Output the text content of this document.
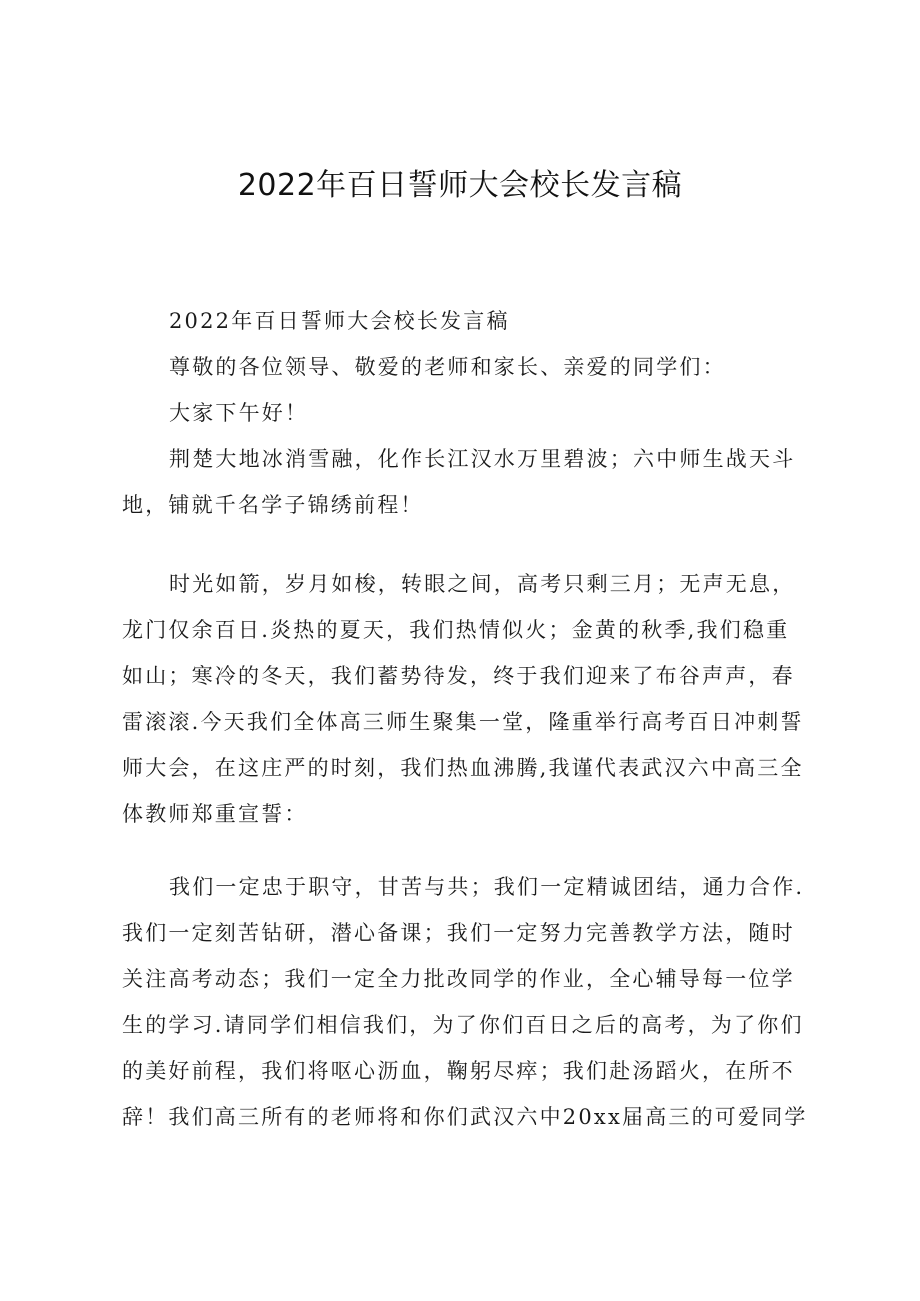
2022年百日誓师大会校长发言稿
2022年百日誓师大会校长发言稿
尊敬的各位领导、敬爱的老师和家长、亲爱的同学们：
大家下午好！
荆楚大地冰消雪融，化作长江汉水万里碧波；六中师生战天斗
地，铺就千名学子锦绣前程！
时光如箭，岁月如梭，转眼之间，高考只剩三月；无声无息，
龙门仅余百日.炎热的夏天，我们热情似火；金黄的秋季,我们稳重
如山；寒冷的冬天，我们蓄势待发，终于我们迎来了布谷声声，春
雷滚滚.今天我们全体高三师生聚集一堂，隆重举行高考百日冲刺誓
师大会，在这庄严的时刻，我们热血沸腾,我谨代表武汉六中高三全
体教师郑重宣誓：
我们一定忠于职守，甘苦与共；我们一定精诚团结，通力合作.
我们一定刻苦钻研，潜心备课；我们一定努力完善教学方法，随时
关注高考动态；我们一定全力批改同学的作业，全心辅导每一位学
生的学习.请同学们相信我们，为了你们百日之后的高考，为了你们
的美好前程，我们将呕心沥血，鞠躬尽瘁；我们赴汤蹈火，在所不
辞！我们高三所有的老师将和你们武汉六中20xx届高三的可爱同学
